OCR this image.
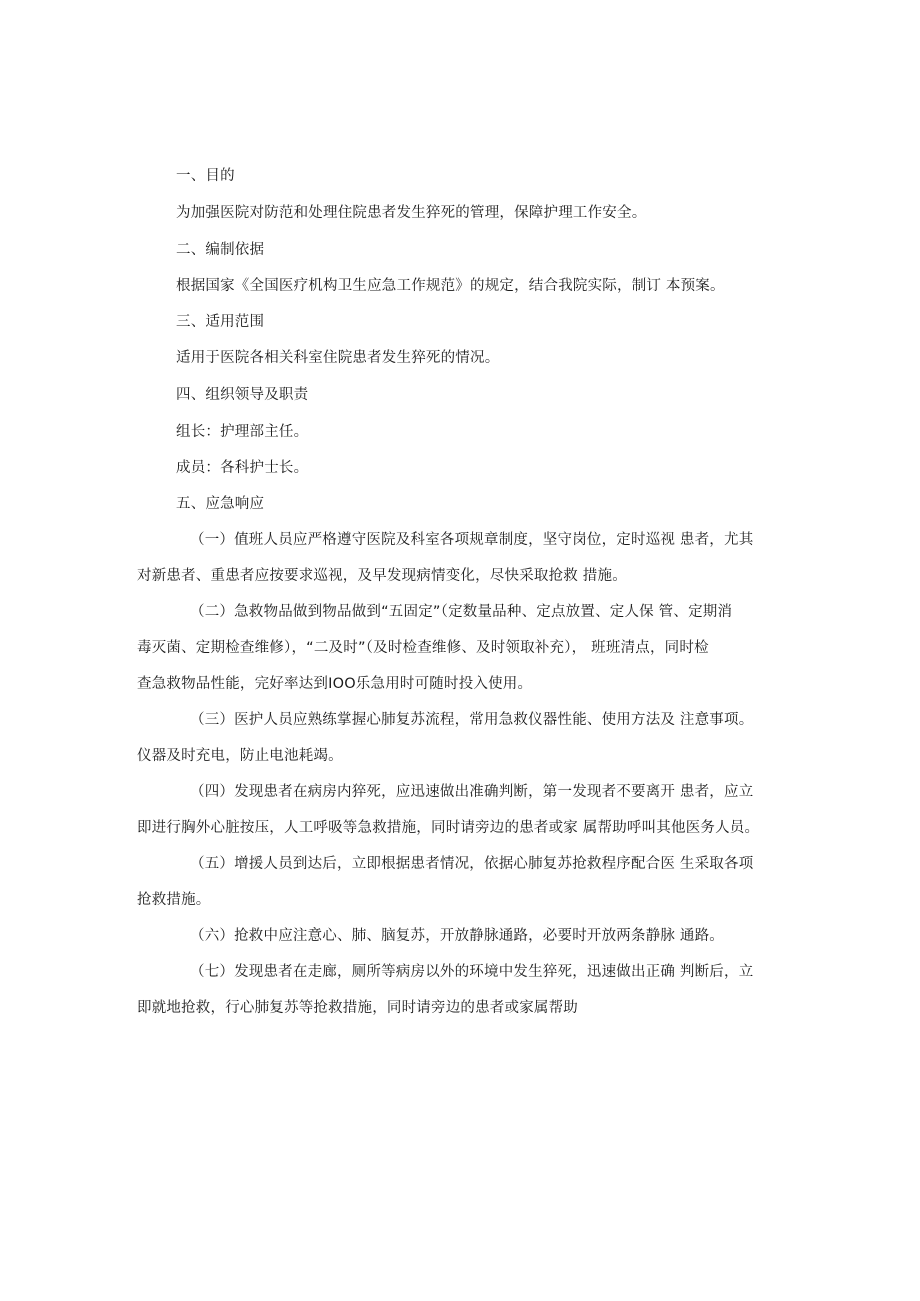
一、目的
为加强医院对防范和处理住院患者发生猝死的管理，保障护理工作安全。
二、编制依据
根据国家《全国医疗机构卫生应急工作规范》的规定，结合我院实际，制订 本预案。
三、适用范围
适用于医院各相关科室住院患者发生猝死的情况。
四、组织领导及职责
组长：护理部主任。
成员：各科护士长。
五、应急响应
（一）值班人员应严格遵守医院及科室各项规章制度，坚守岗位，定时巡视 患者，尤其
对新患者、重患者应按要求巡视，及早发现病情变化，尽快采取抢救 措施。
（二）急救物品做到物品做到“五固定”（定数量品种、定点放置、定人保 管、定期消
毒灭菌、定期检查维修），“二及时”（及时检查维修、及时领取补充）， 班班清点，同时检
查急救物品性能，完好率达到IOO乐急用时可随时投入使用。
（三）医护人员应熟练掌握心肺复苏流程，常用急救仪器性能、使用方法及 注意事项。
仪器及时充电，防止电池耗竭。
（四）发现患者在病房内猝死，应迅速做出准确判断，第一发现者不要离开 患者，应立
即进行胸外心脏按压，人工呼吸等急救措施，同时请旁边的患者或家 属帮助呼叫其他医务人员。
（五）增援人员到达后，立即根据患者情况，依据心肺复苏抢救程序配合医 生采取各项
抢救措施。
（六）抢救中应注意心、肺、脑复苏，开放静脉通路，必要时开放两条静脉 通路。
（七）发现患者在走廊，厕所等病房以外的环境中发生猝死，迅速做出正确 判断后，立
即就地抢救，行心肺复苏等抢救措施，同时请旁边的患者或家属帮助
